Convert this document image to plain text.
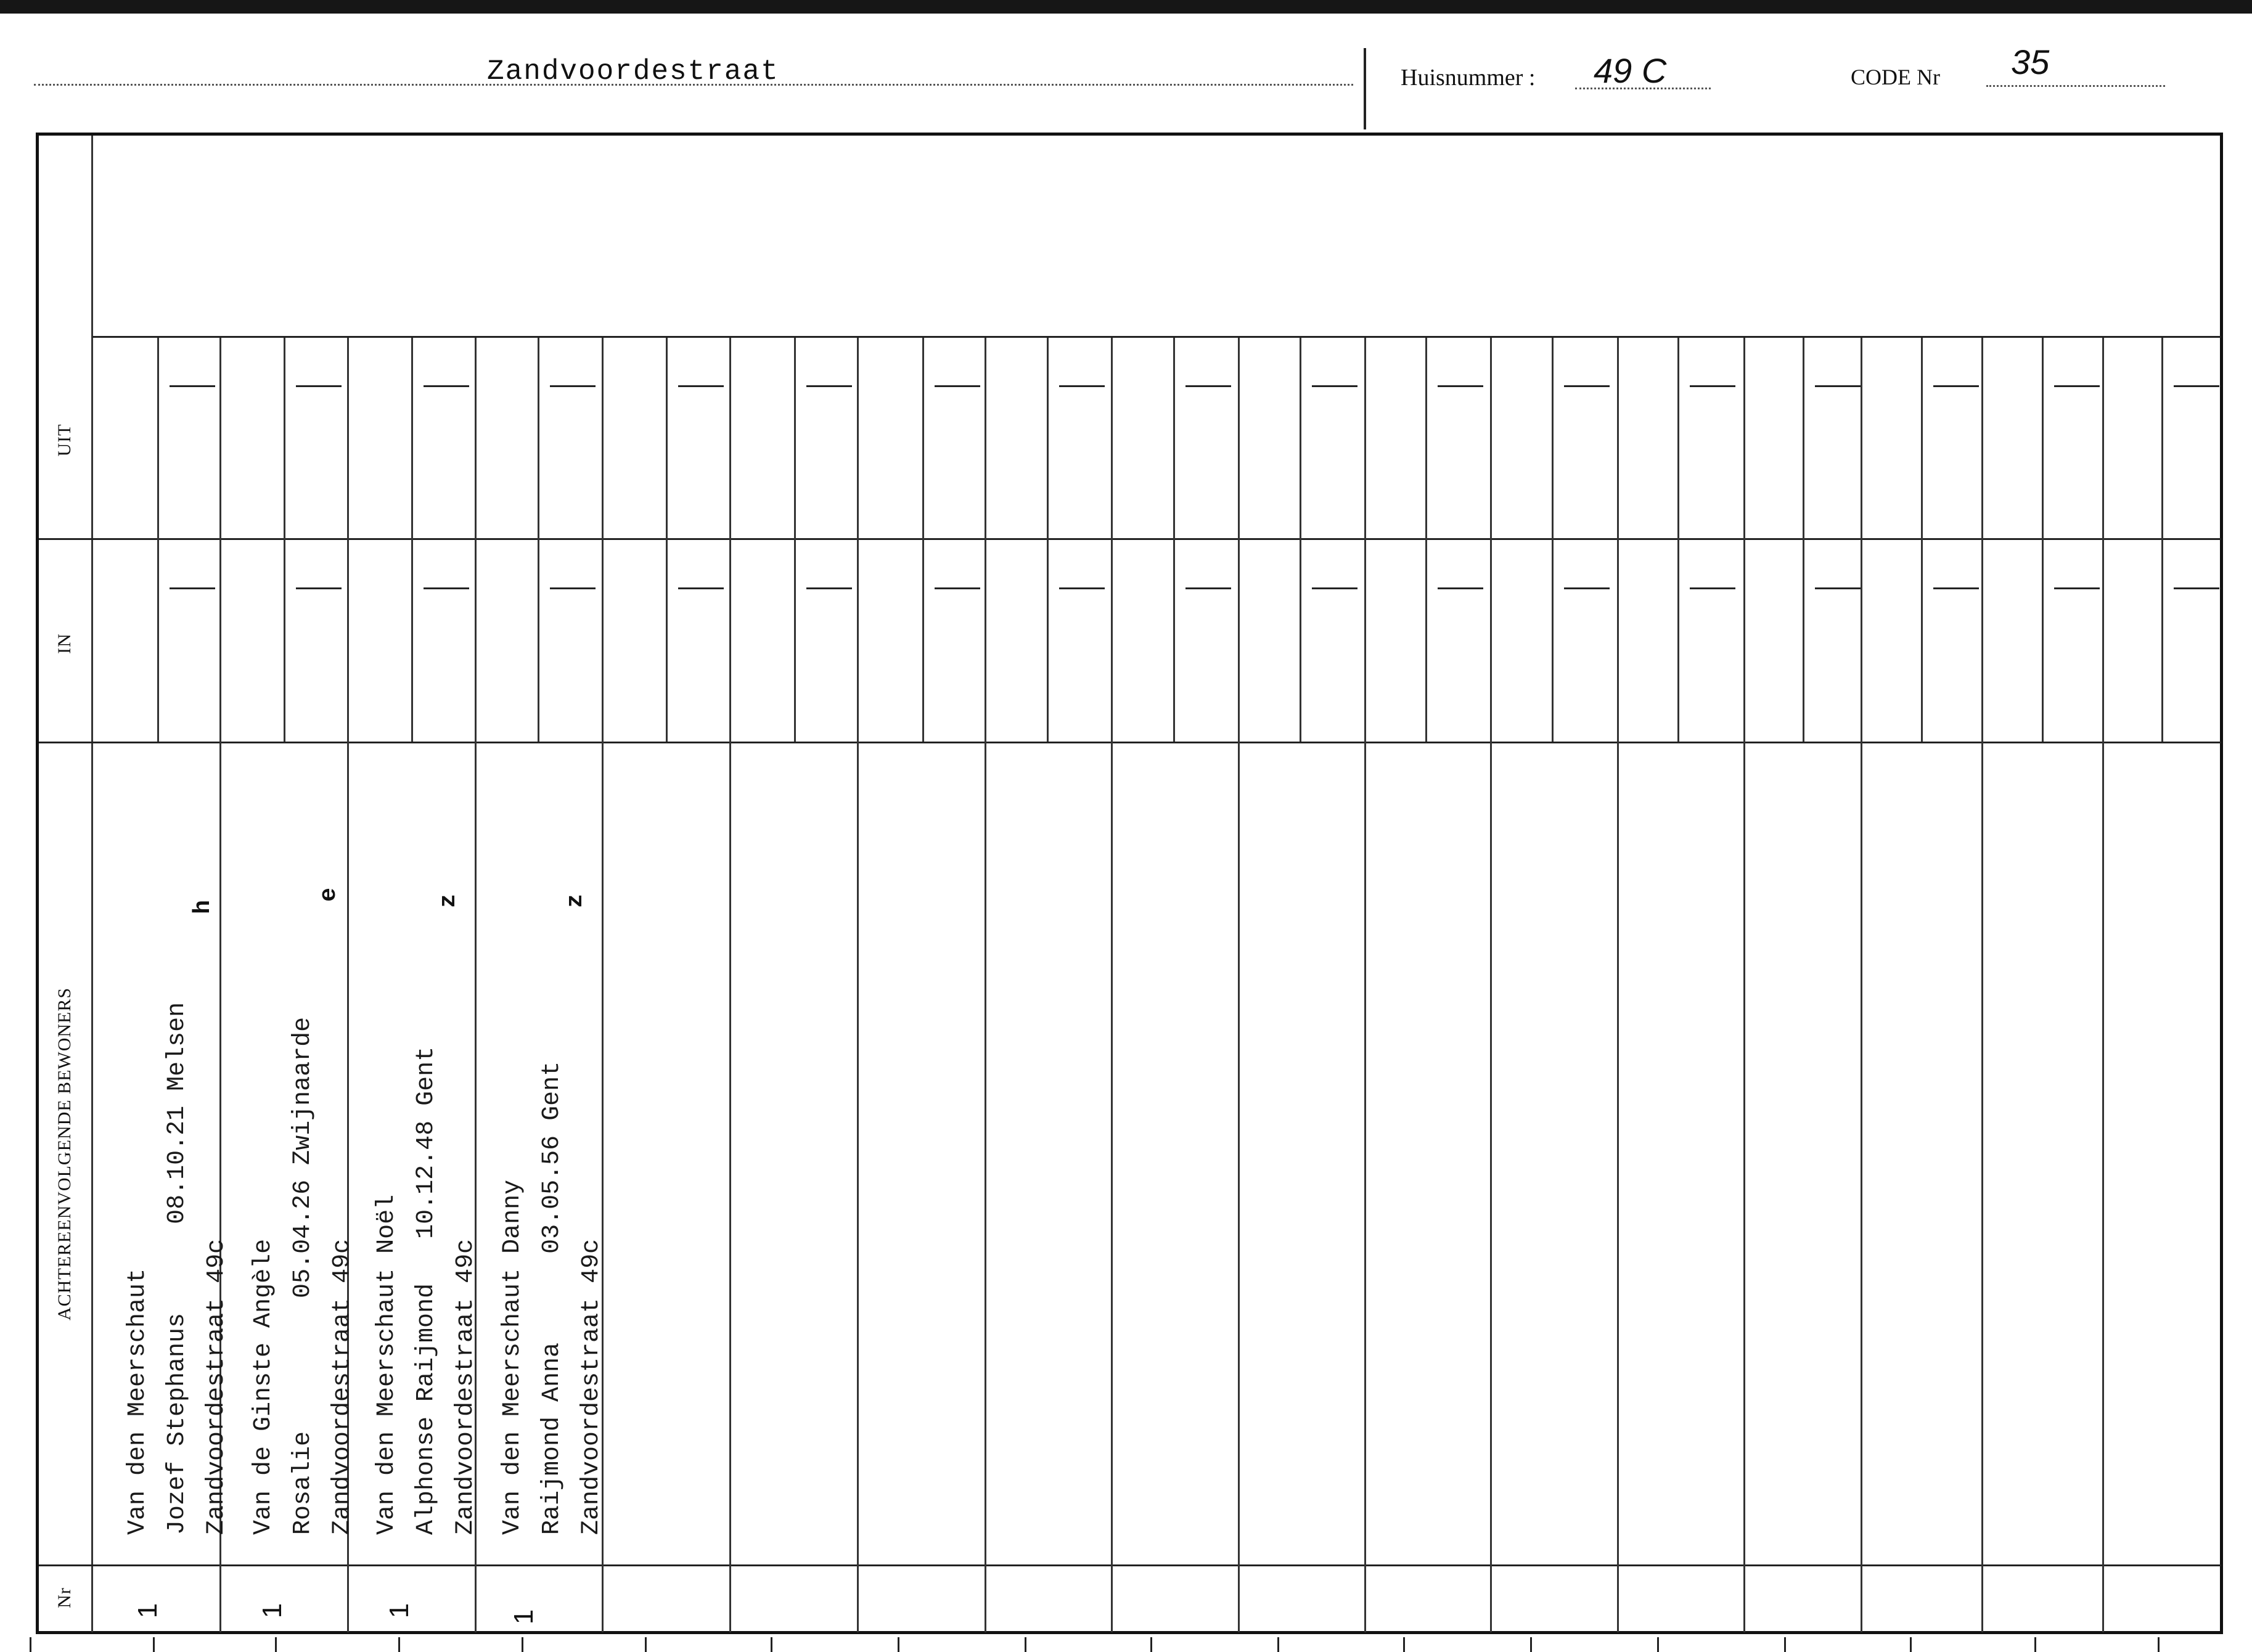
Zandvoordestraat	Huisnummer : 49 C	CODE Nr 35
UIT
IN
ACHTEREENVOLGENDE BEWONERS
Nr
Van den Meerschaut Jozef Stephanus      08.10.21 Melsen Zandvoordestraat 49c
h
1
Van de Ginste Angèle Rosalie         05.04.26 Zwijnaarde Zandvoordestraat 49c
e
1
Van den Meerschaut Noël Alphonse Raijmond   10.12.48 Gent Zandvoordestraat 49c
z
1
Van den Meerschaut Danny Raijmond Anna      03.05.56 Gent Zandvoordestraat 49c
z
1
